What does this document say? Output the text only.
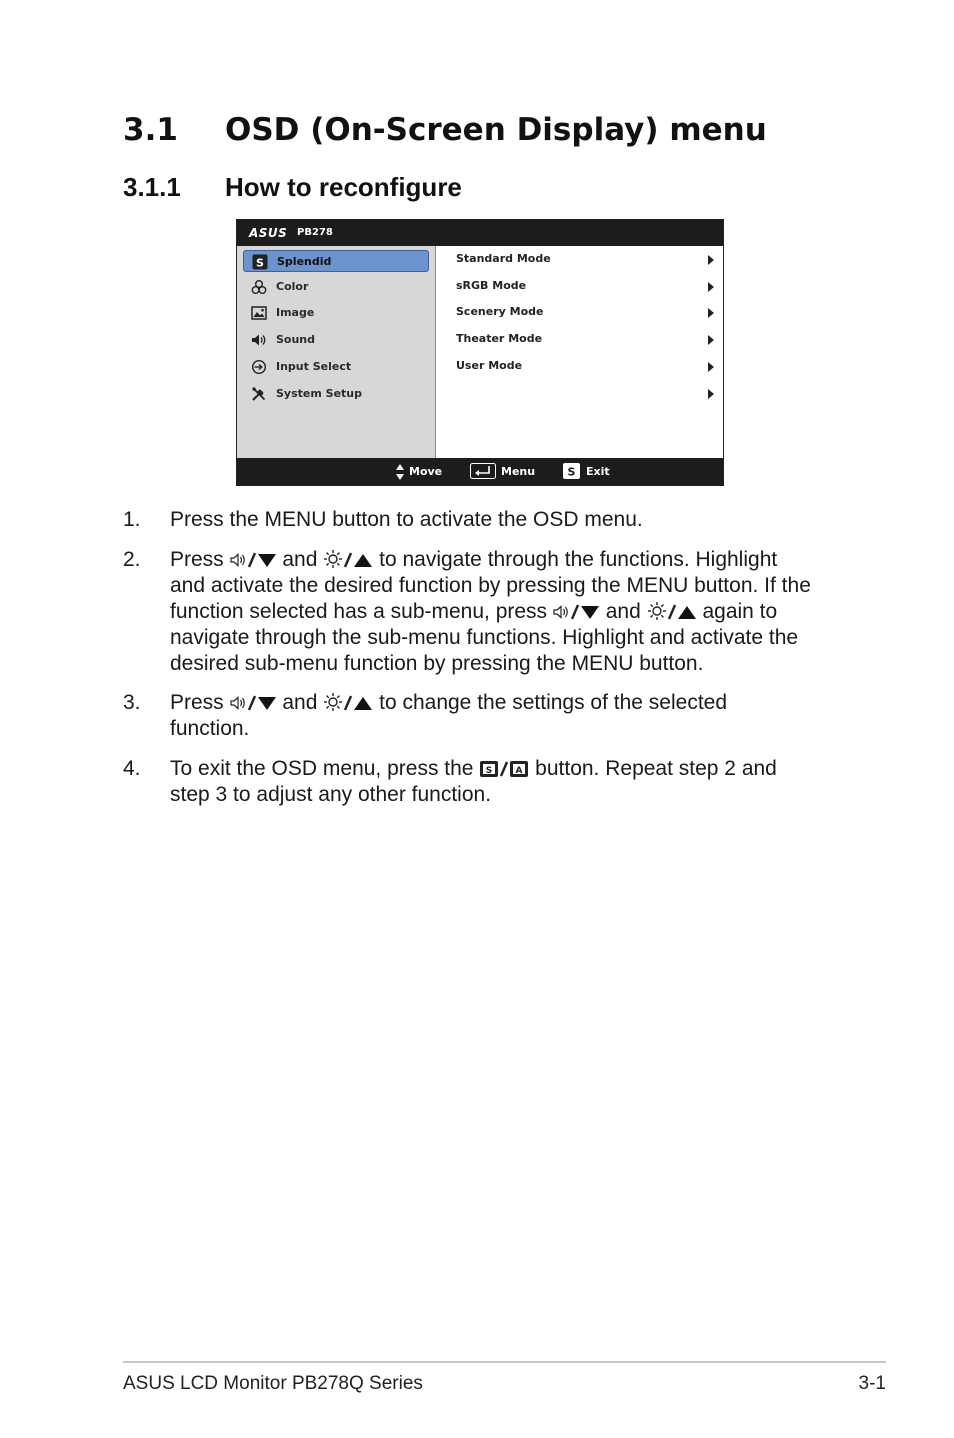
3.1 OSD (On-Screen Display) menu
3.1.1 How to reconfigure
ASUS PB278
S Splendid
Color
Image
Sound
Input Select
System Setup
Standard Mode
sRGB Mode
Scenery Mode
Theater Mode
User Mode
Move	Menu	S Exit
1.	Press the MENU button to activate the OSD menu.
2.	Press	and	to navigate through the functions. Highlight
and activate the desired function by pressing the MENU button. If the
function selected has a sub-menu, press	and	again to
navigate through the sub-menu functions. Highlight and activate the
desired sub-menu function by pressing the MENU button.
3.	Press	and	to change the settings of the selected
function.
4.	To exit the OSD menu, press the S	A button. Repeat step 2 and
step 3 to adjust any other function.
ASUS LCD Monitor PB278Q Series	3-1
